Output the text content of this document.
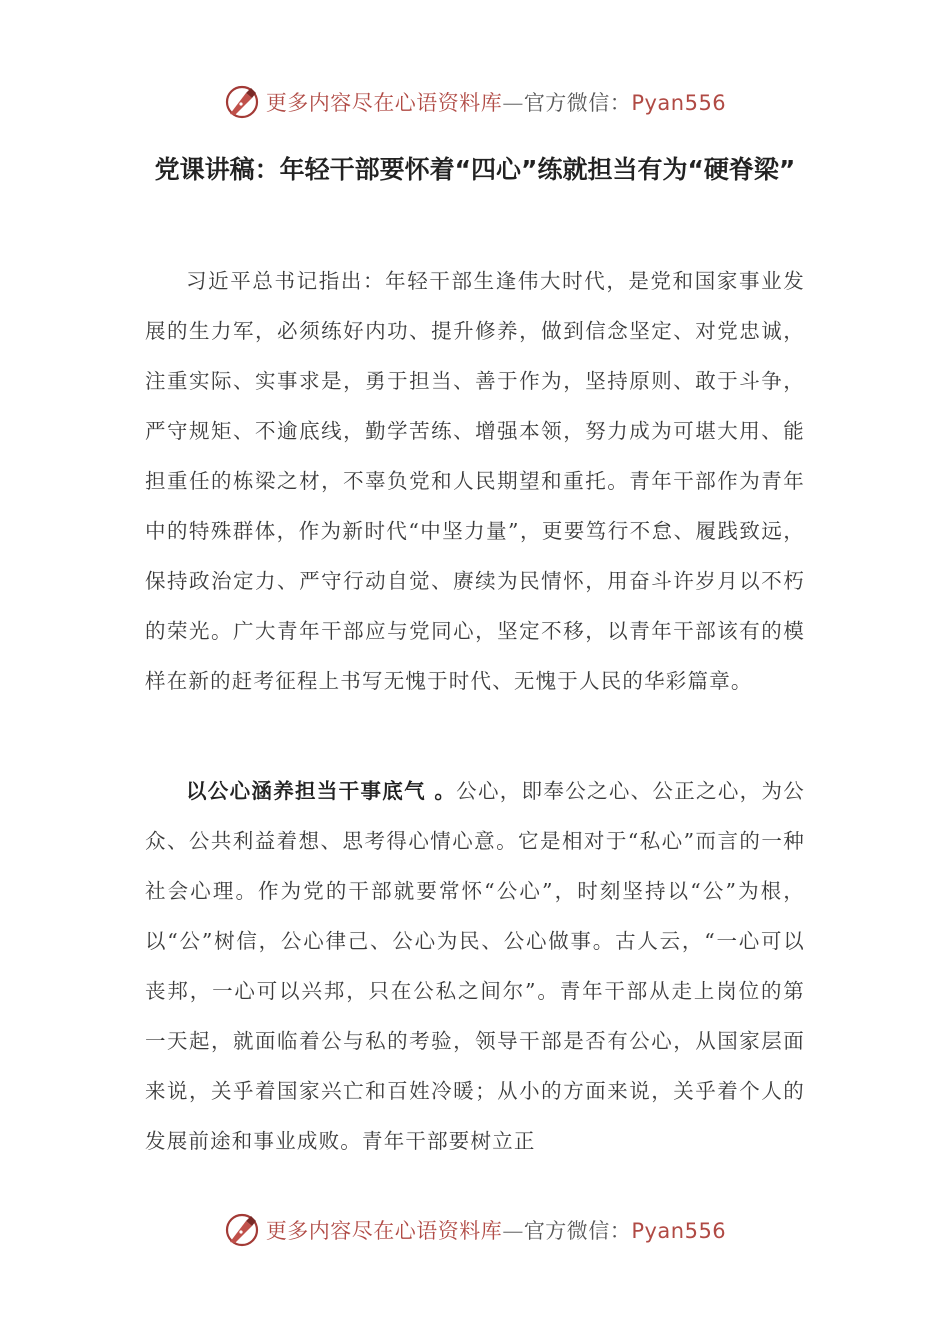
更多内容尽在心语资料库—官方微信：Pyan556
党课讲稿：年轻干部要怀着“四心”练就担当有为“硬脊梁”
习近平总书记指出：年轻干部生逢伟大时代，是党和国家事业发展的生力军，必须练好内功、提升修养，做到信念坚定、对党忠诚，注重实际、实事求是，勇于担当、善于作为，坚持原则、敢于斗争，严守规矩、不逾底线，勤学苦练、增强本领，努力成为可堪大用、能担重任的栋梁之材，不辜负党和人民期望和重托。青年干部作为青年中的特殊群体，作为新时代“中坚力量”，更要笃行不怠、履践致远，保持政治定力、严守行动自觉、赓续为民情怀，用奋斗许岁月以不朽的荣光。广大青年干部应与党同心，坚定不移，以青年干部该有的模样在新的赶考征程上书写无愧于时代、无愧于人民的华彩篇章。
以公心涵养担当干事底气 。公心，即奉公之心、公正之心，为公众、公共利益着想、思考得心情心意。它是相对于“私心”而言的一种社会心理。作为党的干部就要常怀“公心”，时刻坚持以“公”为根，以“公”树信，公心律己、公心为民、公心做事。古人云，“一心可以丧邦，一心可以兴邦，只在公私之间尔”。青年干部从走上岗位的第一天起，就面临着公与私的考验，领导干部是否有公心，从国家层面来说，关乎着国家兴亡和百姓冷暖；从小的方面来说，关乎着个人的发展前途和事业成败。青年干部要树立正
更多内容尽在心语资料库—官方微信：Pyan556
